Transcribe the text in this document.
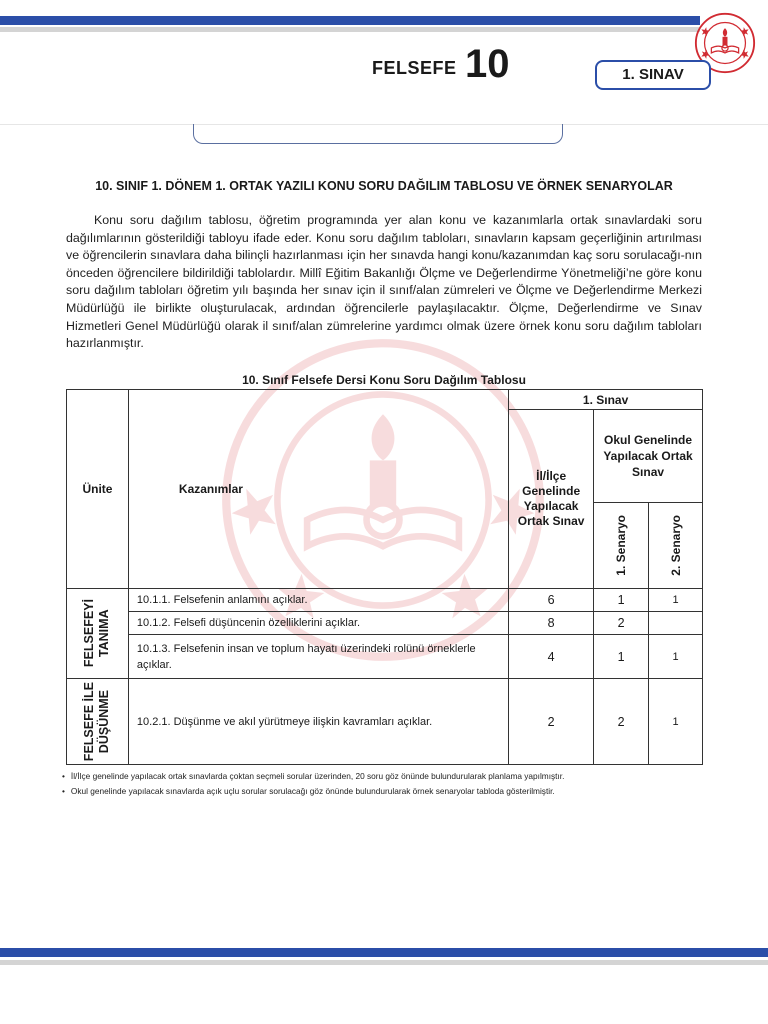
FELSEFE 10	1. SINAV
10. SINIF 1. DÖNEM 1. ORTAK YAZILI KONU SORU DAĞILIM TABLOSU VE ÖRNEK SENARYOLAR

Konu soru dağılım tablosu, öğretim programında yer alan konu ve kazanımlarla ortak sınavlardaki soru dağılımlarının gösterildiği tabloyu ifade eder. Konu soru dağılım tabloları, sınavların kapsam geçerliğinin artırılması ve öğrencilerin sınavlara daha bilinçli hazırlanması için her sınavda hangi konu/kazanımdan kaç soru sorulacağı-nın önceden öğrencilere bildirildiği tablolardır. Millî Eğitim Bakanlığı Ölçme ve Değerlendirme Yönetmeliği’ne göre konu soru dağılım tabloları öğretim yılı başında her sınav için il sınıf/alan zümreleri ve Ölçme ve Değerlendirme Merkezi Müdürlüğü ile birlikte oluşturulacak, ardından öğrencilerle paylaşılacaktır. Ölçme, Değerlendirme ve Sınav Hizmetleri Genel Müdürlüğü olarak il sınıf/alan zümrelerine yardımcı olmak üzere örnek konu soru dağılım tabloları hazırlanmıştır.

10. Sınıf Felsefe Dersi Konu Soru Dağılım Tablosu
Ünite	Kazanımlar	1. Sınav		
		İl/İlçe Genelinde Yapılacak Ortak Sınav	Okul Genelinde Yapılacak Ortak Sınav	

			1. Senaryo	2. Senaryo

FELSEFEYİ
TANIMA	10.1.1. Felsefenin anlamını açıklar.	6	1	1
	10.1.2. Felsefi düşüncenin özelliklerini açıklar.	8	2	
	10.1.3. Felsefenin insan ve toplum hayatı üzerindeki rolünü örneklerle açıklar.	4	1	1

FELSEFE İLE
DÜŞÜNME	10.2.1. Düşünme ve akıl yürütmeye ilişkin kavramları açıklar.	2	2	1
• İl/İlçe genelinde yapılacak ortak sınavlarda çoktan seçmeli sorular üzerinden, 20 soru göz önünde bulundurularak planlama yapılmıştır.
• Okul genelinde yapılacak sınavlarda açık uçlu sorular sorulacağı göz önünde bulundurularak örnek senaryolar tabloda gösterilmiştir.
